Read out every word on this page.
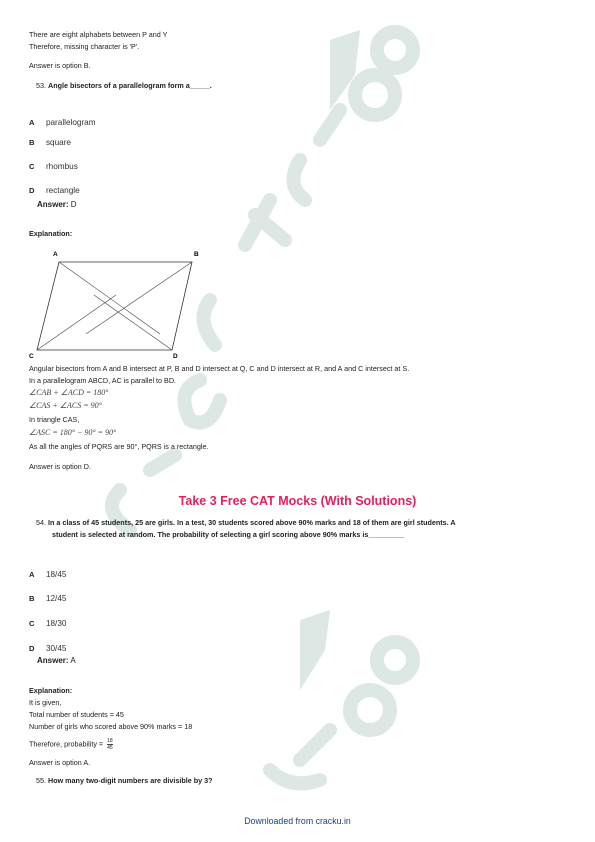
There are eight alphabets between P and Y
Therefore, missing character is 'P'.
Answer is option B.
53. Angle bisectors of a parallelogram form a_____.
A parallelogram
B square
C rhombus
D rectangle
Answer: D
Explanation:
A	B
C	D
Angular bisectors from A and B intersect at P, B and D intersect at Q, C and D intersect at R, and A and C intersect at S.
In a parallelogram ABCD, AC is parallel to BD.
∠CAB + ∠ACD = 180°
∠CAS + ∠ACS = 90°
In triangle CAS,
∠ASC = 180° − 90° = 90°
As all the angles of PQRS are 90°, PQRS is a rectangle.
Answer is option D.
Take 3 Free CAT Mocks (With Solutions)
54. In a class of 45 students, 25 are girls. In a test, 30 students scored above 90% marks and 18 of them are girl students. A
student is selected at random. The probability of selecting a girl scoring above 90% marks is_________
A 18/45
B 12/45
C 18/30
D 30/45
Answer: A
Explanation:
It is given,
Total number of students = 45
Number of girls who scored above 90% marks = 18
Therefore, probability = $\frac{18}{45}$
Answer is option A.
55. How many two-digit numbers are divisible by 3?
Downloaded from cracku.in
